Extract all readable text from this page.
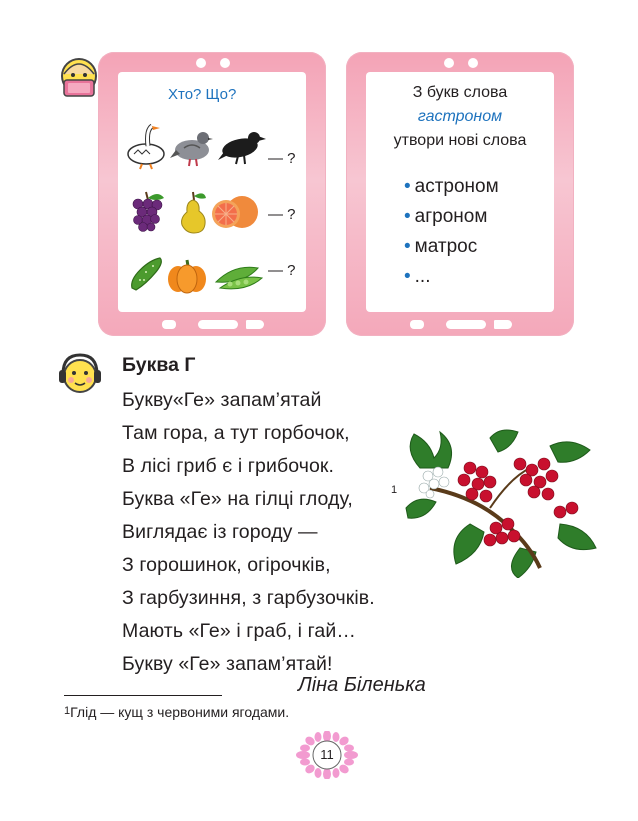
Хто? Що?
— ?
— ?
— ?
З букв слова
гастроном
утвори нові слова
• астроном
• агроном
• матрос
• ...
Буква Г
Букву«Ге» запам’ятай
Там гора, а тут горбочок,
В лісі гриб є і грибочок.
Буква «Ге» на гілці глоду,	1
Виглядає із городу —
З горошинок, огірочків,
З гарбузиння, з гарбузочків.
Мають «Ге» і граб, і гай…
Букву «Ге» запам’ятай!
Ліна Біленька
$^1$Глід — кущ з червоними ягодами.
11
